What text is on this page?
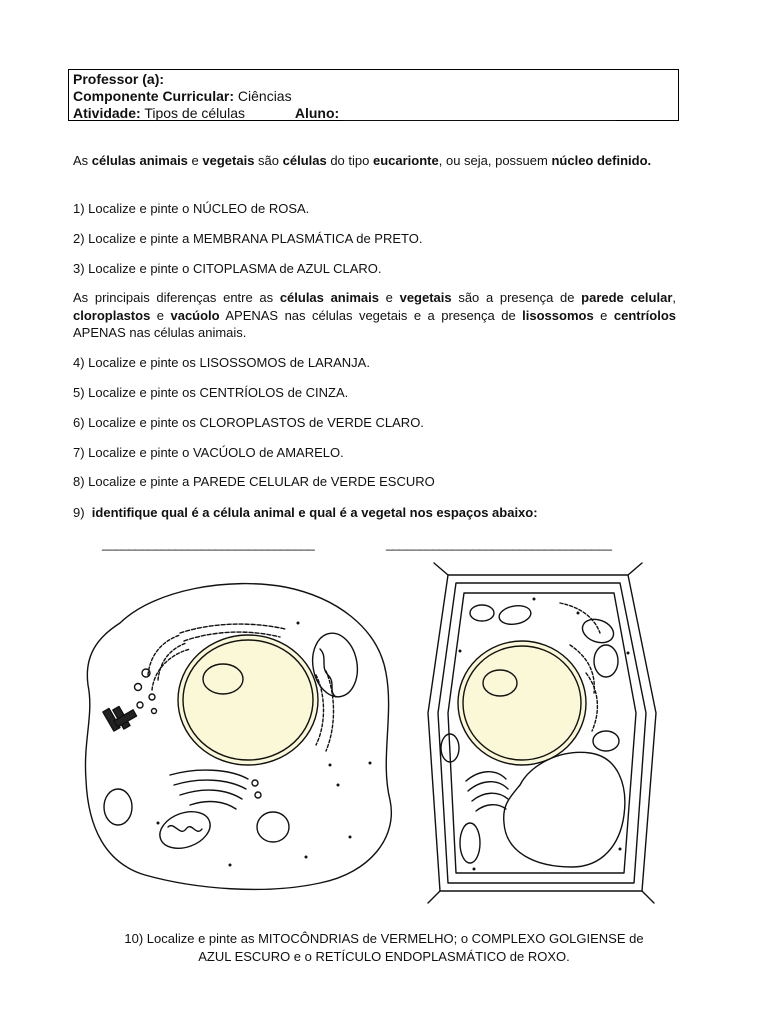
Professor (a):
Componente Curricular: Ciências
Atividade: Tipos de células	Aluno: ___________________________________
As células animais e vegetais são células do tipo eucarionte, ou seja, possuem núcleo definido.
1) Localize e pinte o NÚCLEO de ROSA.
2) Localize e pinte a MEMBRANA PLASMÁTICA de PRETO.
3) Localize e pinte o CITOPLASMA de AZUL CLARO.
As principais diferenças entre as células animais e vegetais são a presença de parede celular, cloroplastos e vacúolo APENAS nas células vegetais e a presença de lisossomos e centríolos APENAS nas células animais.
4) Localize e pinte os LISOSSOMOS de LARANJA.
5) Localize e pinte os CENTRÍOLOS de CINZA.
6) Localize e pinte os CLOROPLASTOS de VERDE CLARO.
7) Localize e pinte o VACÚOLO de AMARELO.
8) Localize e pinte a PAREDE CELULAR de VERDE ESCURO
9) identifique qual é a célula animal e qual é a vegetal nos espaços abaixo:
________________________________	__________________________________
10) Localize e pinte as MITOCÔNDRIAS de VERMELHO; o COMPLEXO GOLGIENSE de
AZUL ESCURO e o RETÍCULO ENDOPLASMÁTICO de ROXO.
